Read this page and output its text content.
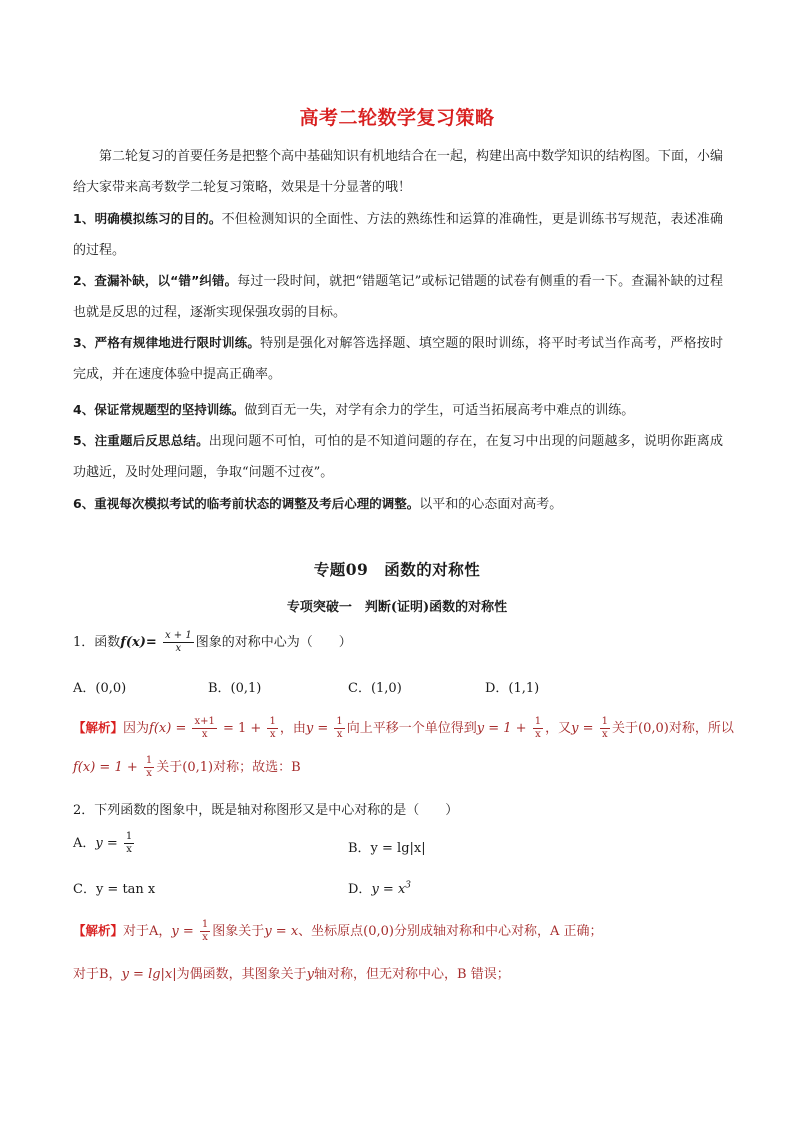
高考二轮数学复习策略
第二轮复习的首要任务是把整个高中基础知识有机地结合在一起，构建出高中数学知识的结构图。下面，小编给大家带来高考数学二轮复习策略，效果是十分显著的哦！
1、明确模拟练习的目的。不但检测知识的全面性、方法的熟练性和运算的准确性，更是训练书写规范，表述准确的过程。
2、查漏补缺，以“错”纠错。每过一段时间，就把“错题笔记”或标记错题的试卷有侧重的看一下。查漏补缺的过程也就是反思的过程，逐渐实现保强攻弱的目标。
3、严格有规律地进行限时训练。特别是强化对解答选择题、填空题的限时训练，将平时考试当作高考，严格按时完成，并在速度体验中提高正确率。
4、保证常规题型的坚持训练。做到百无一失，对学有余力的学生，可适当拓展高考中难点的训练。
5、注重题后反思总结。出现问题不可怕，可怕的是不知道问题的存在，在复习中出现的问题越多，说明你距离成功越近，及时处理问题，争取“问题不过夜”。
6、重视每次模拟考试的临考前状态的调整及考后心理的调整。以平和的心态面对高考。
专题09　函数的对称性
专项突破一　判断(证明)函数的对称性
1．函数$f(x)= \frac{x + 1}{x}$ 图象的对称中心为（　　）
A．(0,0)	B．(0,1)	C．(1,0)	D．(1,1)
【解析】因为$f(x) = \frac{x+1}{x} = 1 + \frac{1}{x}$ ，由$y = \frac{1}{x}$ 向上平移一个单位得到$y = 1 + \frac{1}{x}$ ，又$y = \frac{1}{x}$ 关于(0,0)对称，所以
$f(x) = 1 + \frac{1}{x}$ 关于(0,1)对称；故选：B
2．下列函数的图象中，既是轴对称图形又是中心对称的是（　　）
A．$y = \frac{1}{x}$	B．y = lg|x|
C．y = tan x	D．$y = x^3$
【解析】对于A，$y = \frac{1}{x}$ 图象关于y = x、坐标原点(0,0)分别成轴对称和中心对称，A 正确；
对于B，y = lg|x|为偶函数，其图象关于y轴对称，但无对称中心，B 错误；
